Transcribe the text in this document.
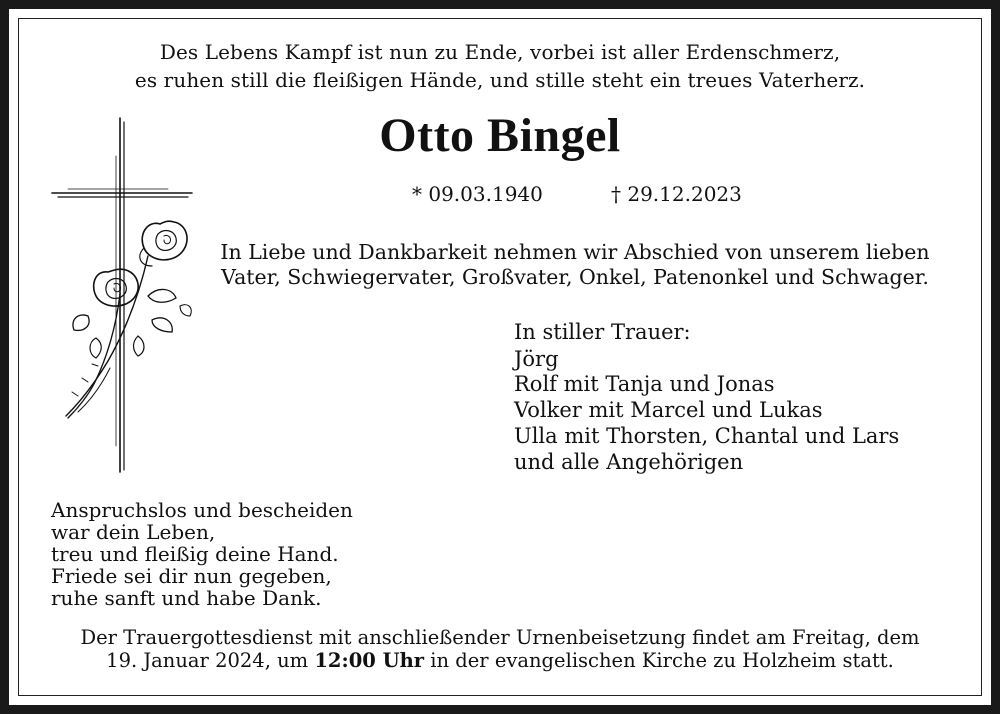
Des Lebens Kampf ist nun zu Ende, vorbei ist aller Erdenschmerz,
es ruhen still die fleißigen Hände, und stille steht ein treues Vaterherz.
Otto Bingel
* 09.03.1940	† 29.12.2023
In Liebe und Dankbarkeit nehmen wir Abschied von unserem lieben
Vater, Schwiegervater, Großvater, Onkel, Patenonkel und Schwager.
In stiller Trauer:
Jörg
Rolf mit Tanja und Jonas
Volker mit Marcel und Lukas
Ulla mit Thorsten, Chantal und Lars
und alle Angehörigen
Anspruchslos und bescheiden
war dein Leben,
treu und fleißig deine Hand.
Friede sei dir nun gegeben,
ruhe sanft und habe Dank.
Der Trauergottesdienst mit anschließender Urnenbeisetzung findet am Freitag, dem
19. Januar 2024, um 12:00 Uhr in der evangelischen Kirche zu Holzheim statt.
